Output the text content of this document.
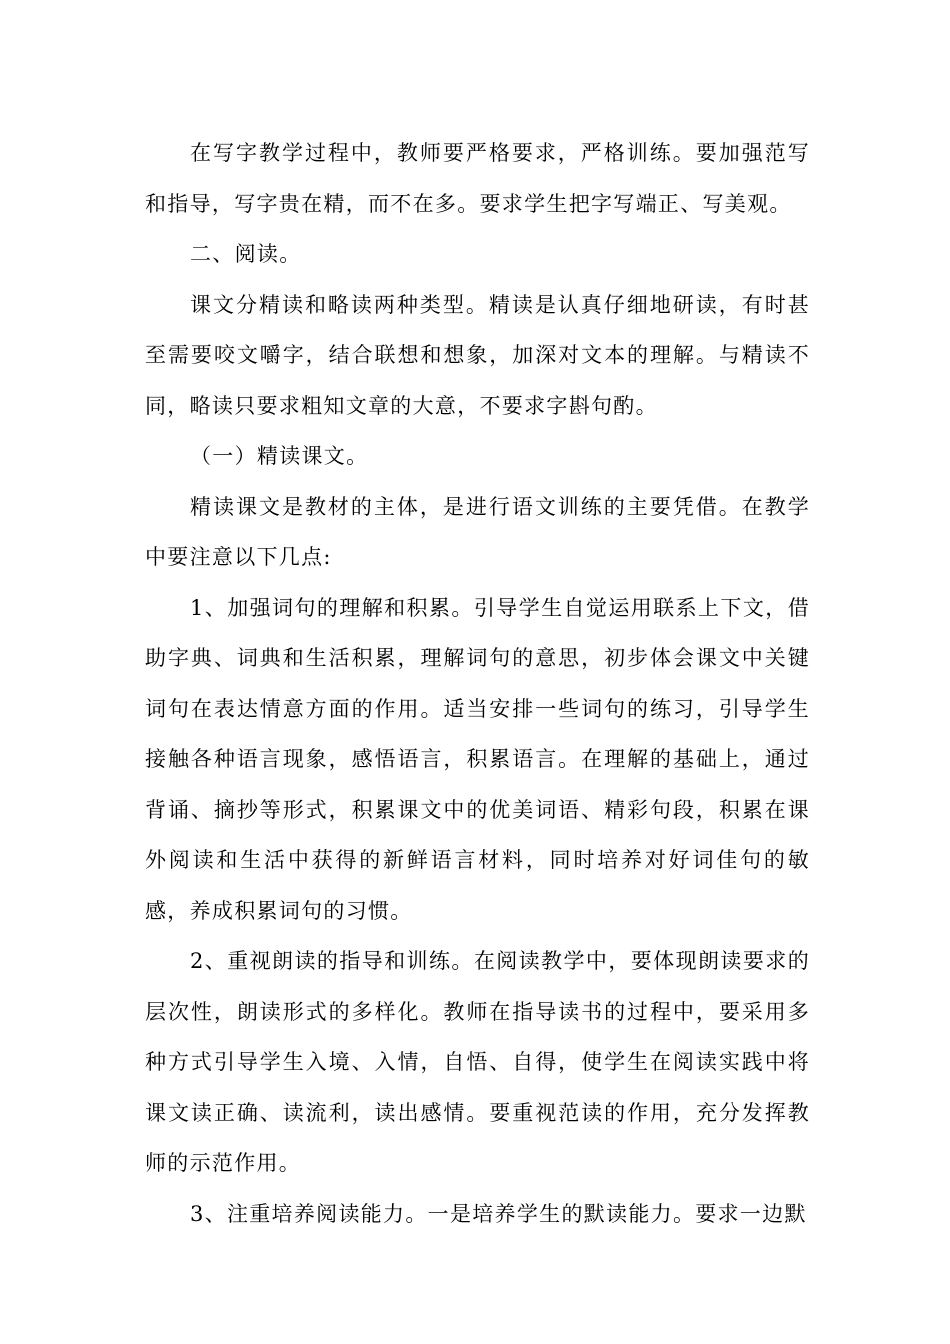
在写字教学过程中，教师要严格要求，严格训练。要加强范写和指导，写字贵在精，而不在多。要求学生把字写端正、写美观。

二、阅读。

课文分精读和略读两种类型。精读是认真仔细地研读，有时甚至需要咬文嚼字，结合联想和想象，加深对文本的理解。与精读不同，略读只要求粗知文章的大意，不要求字斟句酌。

（一）精读课文。

精读课文是教材的主体，是进行语文训练的主要凭借。在教学中要注意以下几点:

1、加强词句的理解和积累。引导学生自觉运用联系上下文，借助字典、词典和生活积累，理解词句的意思，初步体会课文中关键词句在表达情意方面的作用。适当安排一些词句的练习，引导学生接触各种语言现象，感悟语言，积累语言。在理解的基础上，通过背诵、摘抄等形式，积累课文中的优美词语、精彩句段，积累在课外阅读和生活中获得的新鲜语言材料，同时培养对好词佳句的敏感，养成积累词句的习惯。

2、重视朗读的指导和训练。在阅读教学中，要体现朗读要求的层次性，朗读形式的多样化。教师在指导读书的过程中，要采用多种方式引导学生入境、入情，自悟、自得，使学生在阅读实践中将课文读正确、读流利，读出感情。要重视范读的作用，充分发挥教师的示范作用。

3、注重培养阅读能力。一是培养学生的默读能力。要求一边默
